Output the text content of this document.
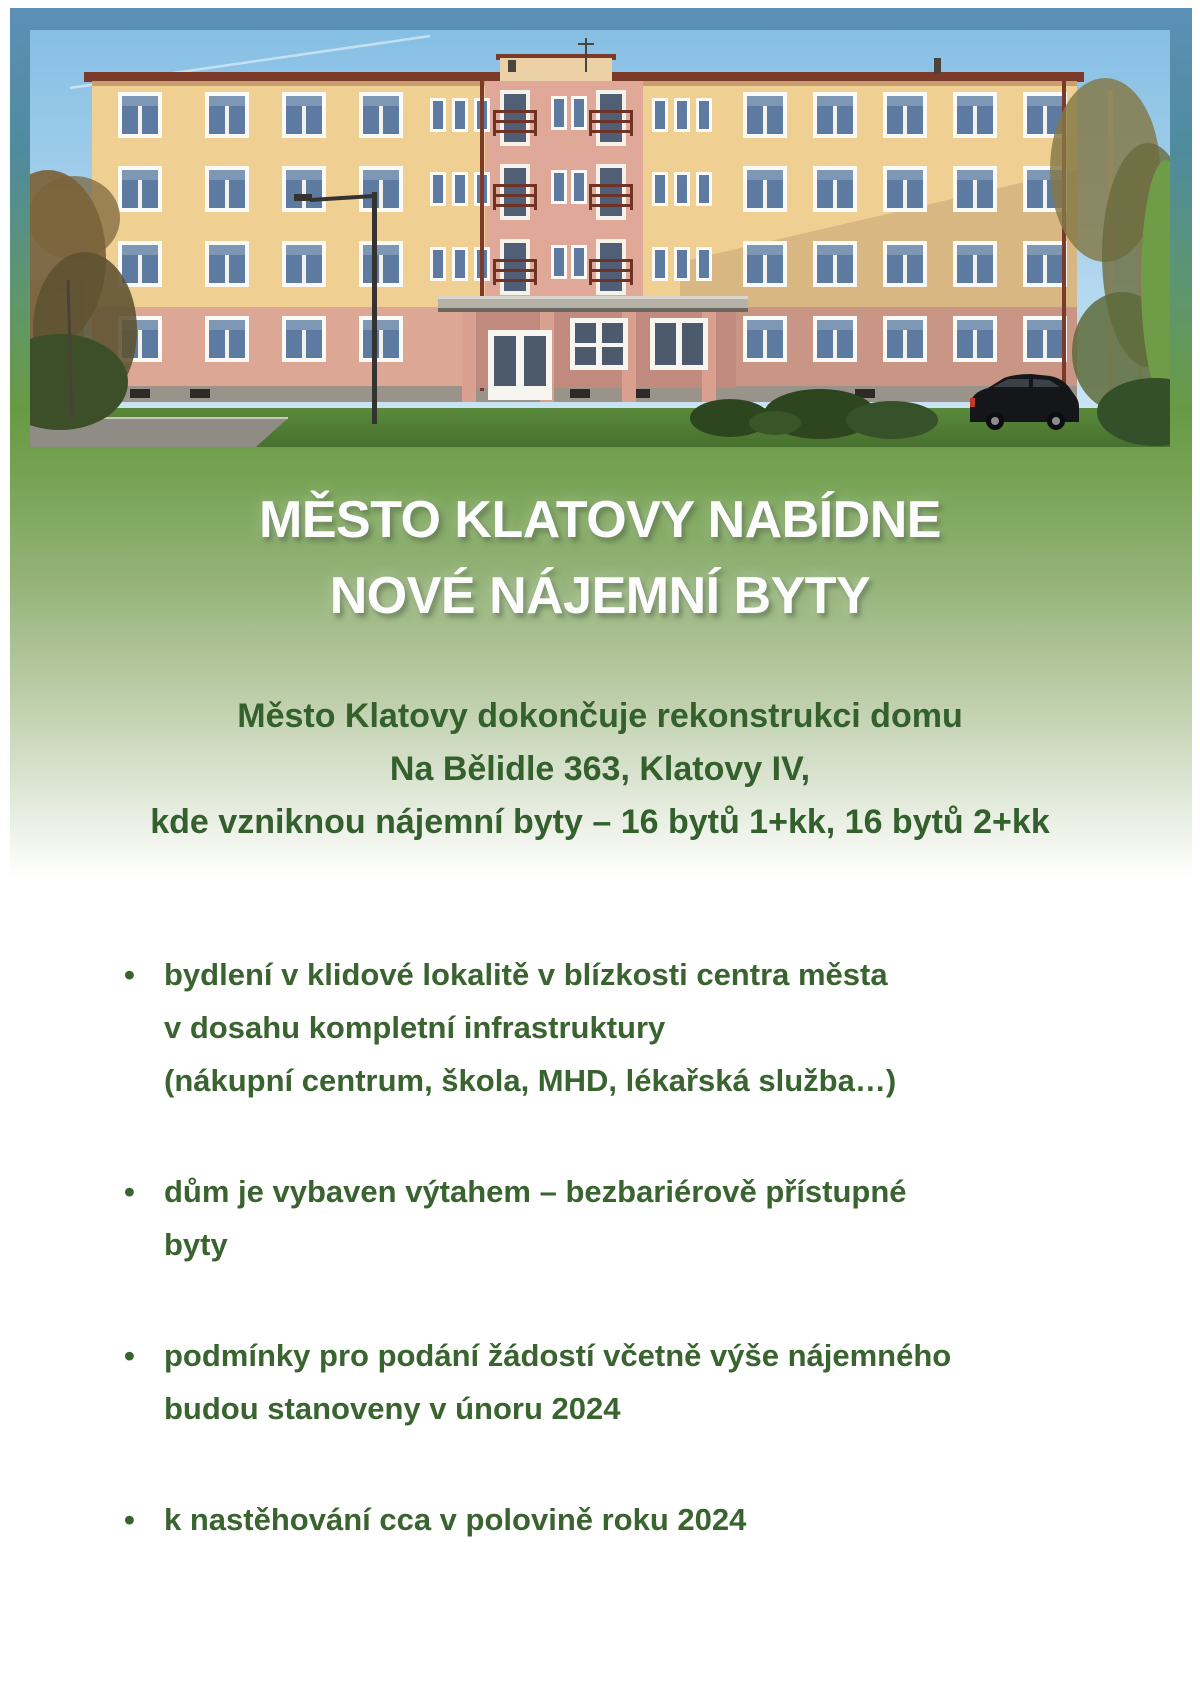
MĚSTO KLATOVY NABÍDNE
NOVÉ NÁJEMNÍ BYTY
Město Klatovy dokončuje rekonstrukci domu
Na Bělidle 363, Klatovy IV,
kde vzniknou nájemní byty – 16 bytů 1+kk, 16 bytů 2+kk
• bydlení v klidové lokalitě v blízkosti centra města
v dosahu kompletní infrastruktury
(nákupní centrum, škola, MHD, lékařská služba…)
• dům je vybaven výtahem – bezbariérově přístupné
byty
• podmínky pro podání žádostí včetně výše nájemného
budou stanoveny v únoru 2024
• k nastěhování cca v polovině roku 2024
